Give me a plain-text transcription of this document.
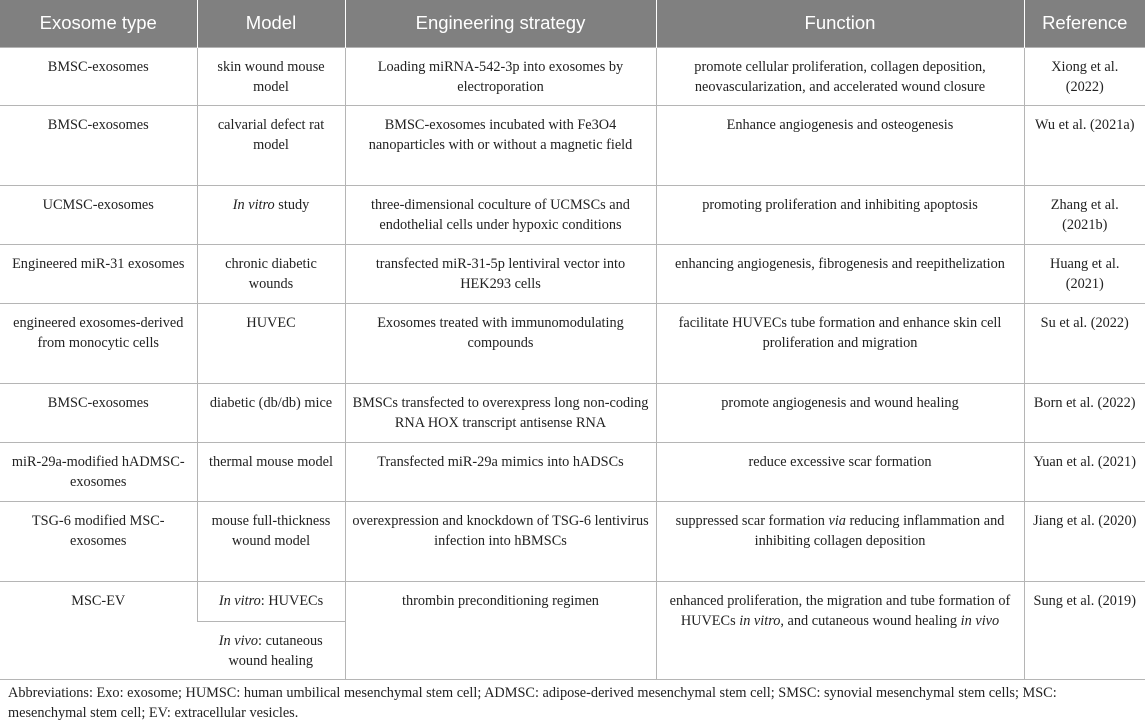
Exosome type	Model	Engineering strategy	Function	Reference
BMSC-exosomes	skin wound mouse model	Loading miRNA-542-3p into exosomes by electroporation	promote cellular proliferation, collagen deposition, neovascularization, and accelerated wound closure	Xiong et al. (2022)
BMSC-exosomes	calvarial defect rat model	BMSC-exosomes incubated with Fe3O4 nanoparticles with or without a magnetic field	Enhance angiogenesis and osteogenesis	Wu et al. (2021a)
UCMSC-exosomes	In vitro study	three-dimensional coculture of UCMSCs and endothelial cells under hypoxic conditions	promoting proliferation and inhibiting apoptosis	Zhang et al. (2021b)
Engineered miR-31 exosomes	chronic diabetic wounds	transfected miR-31-5p lentiviral vector into HEK293 cells	enhancing angiogenesis, fibrogenesis and reepithelization	Huang et al. (2021)
engineered exosomes-derived from monocytic cells	HUVEC	Exosomes treated with immunomodulating compounds	facilitate HUVECs tube formation and enhance skin cell proliferation and migration	Su et al. (2022)
BMSC-exosomes	diabetic (db/db) mice	BMSCs transfected to overexpress long non-coding RNA HOX transcript antisense RNA	promote angiogenesis and wound healing	Born et al. (2022)
miR-29a-modified hADMSC-exosomes	thermal mouse model	Transfected miR-29a mimics into hADSCs	reduce excessive scar formation	Yuan et al. (2021)
TSG-6 modified MSC-exosomes	mouse full-thickness wound model	overexpression and knockdown of TSG-6 lentivirus infection into hBMSCs	suppressed scar formation via reducing inflammation and inhibiting collagen deposition	Jiang et al. (2020)
MSC-EV	In vitro: HUVECs	thrombin preconditioning regimen	enhanced proliferation, the migration and tube formation of HUVECs in vitro, and cutaneous wound healing in vivo	Sung et al. (2019)
	In vivo: cutaneous wound healing			
Abbreviations: Exo: exosome; HUMSC: human umbilical mesenchymal stem cell; ADMSC: adipose-derived mesenchymal stem cell; SMSC: synovial mesenchymal stem cells; MSC: mesenchymal stem cell; EV: extracellular vesicles.
